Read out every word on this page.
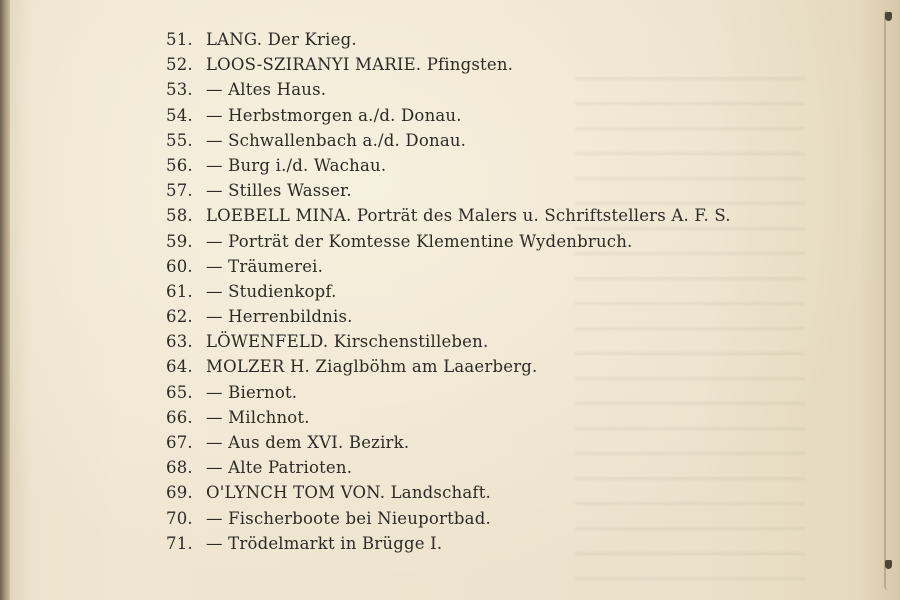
51. LANG. Der Krieg.
52. LOOS-SZIRANYI MARIE. Pfingsten.
53. — Altes Haus.
54. — Herbstmorgen a./d. Donau.
55. — Schwallenbach a./d. Donau.
56. — Burg i./d. Wachau.
57. — Stilles Wasser.
58. LOEBELL MINA. Porträt des Malers u. Schriftstellers A. F. S.
59. — Porträt der Komtesse Klementine Wydenbruch.
60. — Träumerei.
61. — Studienkopf.
62. — Herrenbildnis.
63. LÖWENFELD. Kirschenstilleben.
64. MOLZER H. Ziaglböhm am Laaerberg.
65. — Biernot.
66. — Milchnot.
67. — Aus dem XVI. Bezirk.
68. — Alte Patrioten.
69. O'LYNCH TOM VON. Landschaft.
70. — Fischerboote bei Nieuportbad.
71. — Trödelmarkt in Brügge I.
